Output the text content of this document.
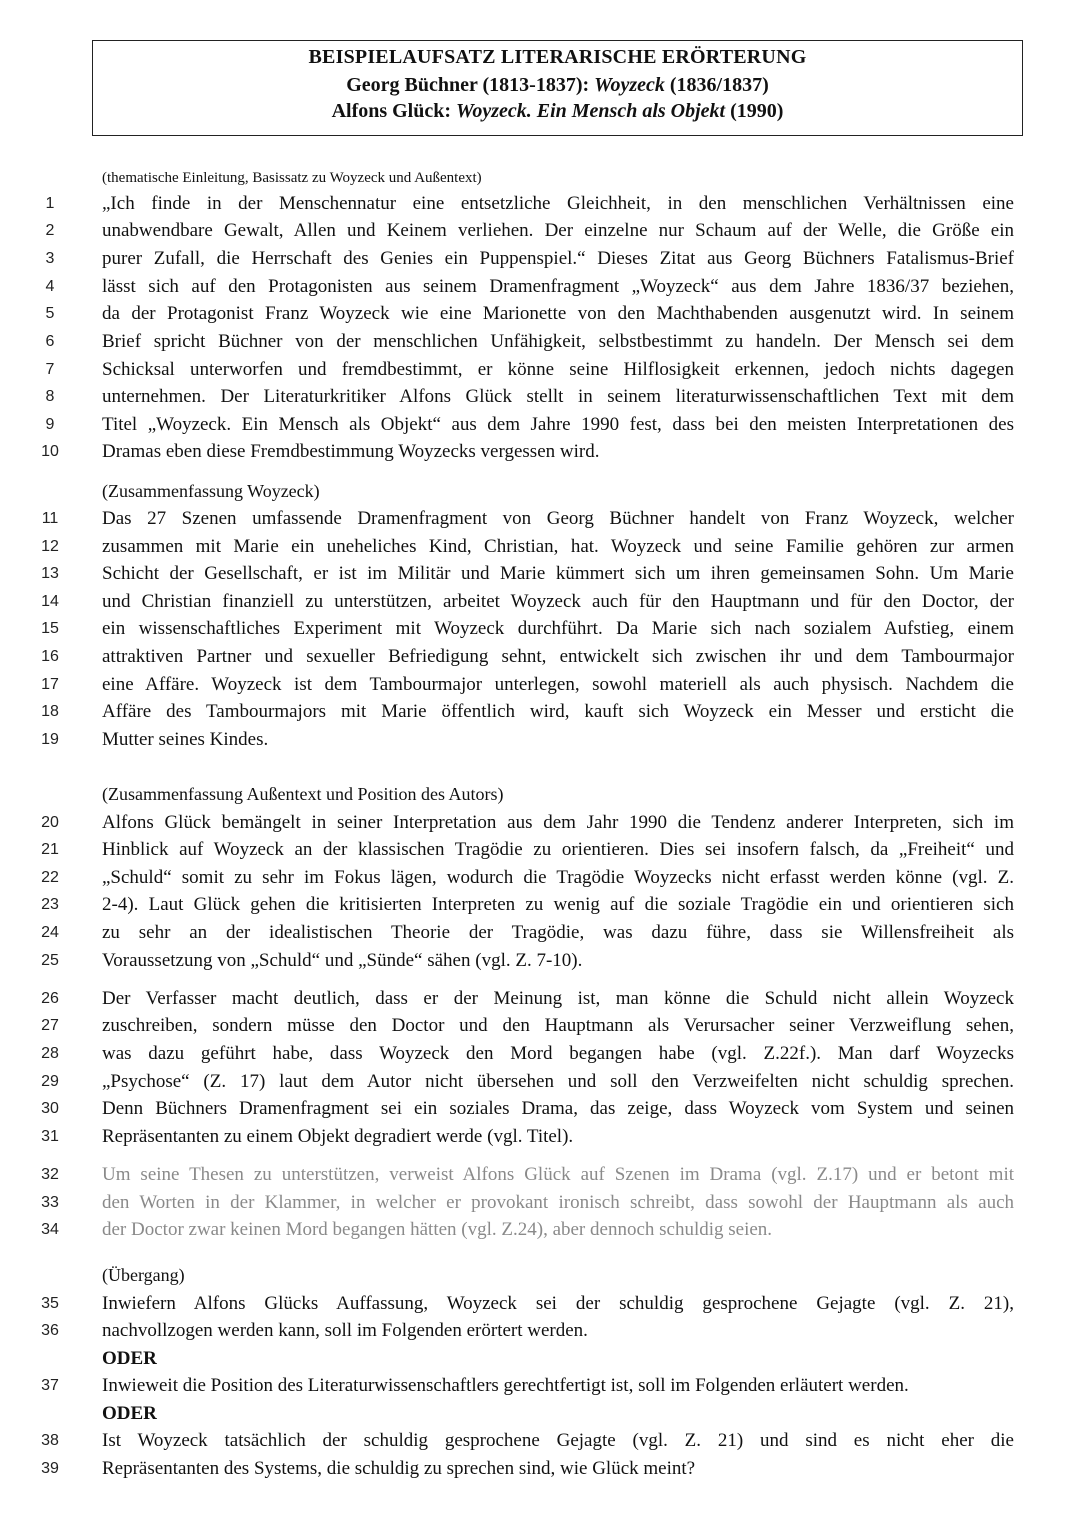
BEISPIELAUFSATZ LITERARISCHE ERÖRTERUNG
Georg Büchner (1813-1837): Woyzeck (1836/1837)
Alfons Glück: Woyzeck. Ein Mensch als Objekt (1990)
(thematische Einleitung, Basissatz zu Woyzeck und Außentext)
(Zusammenfassung Woyzeck)
(Zusammenfassung Außentext und Position des Autors)
(Übergang)
ODER
ODER
1	„Ich finde in der Menschennatur eine entsetzliche Gleichheit, in den menschlichen Verhältnissen eine
2	unabwendbare Gewalt, Allen und Keinem verliehen. Der einzelne nur Schaum auf der Welle, die Größe ein
3	purer Zufall, die Herrschaft des Genies ein Puppenspiel.“ Dieses Zitat aus Georg Büchners Fatalismus-Brief
4	lässt sich auf den Protagonisten aus seinem Dramenfragment „Woyzeck“ aus dem Jahre 1836/37 beziehen,
5	da der Protagonist Franz Woyzeck wie eine Marionette von den Machthabenden ausgenutzt wird. In seinem
6	Brief spricht Büchner von der menschlichen Unfähigkeit, selbstbestimmt zu handeln. Der Mensch sei dem
7	Schicksal unterworfen und fremdbestimmt, er könne seine Hilflosigkeit erkennen, jedoch nichts dagegen
8	unternehmen. Der Literaturkritiker Alfons Glück stellt in seinem literaturwissenschaftlichen Text mit dem
9	Titel „Woyzeck. Ein Mensch als Objekt“ aus dem Jahre 1990 fest, dass bei den meisten Interpretationen des
10	Dramas eben diese Fremdbestimmung Woyzecks vergessen wird.
11	Das 27 Szenen umfassende Dramenfragment von Georg Büchner handelt von Franz Woyzeck, welcher
12	zusammen mit Marie ein uneheliches Kind, Christian, hat. Woyzeck und seine Familie gehören zur armen
13	Schicht der Gesellschaft, er ist im Militär und Marie kümmert sich um ihren gemeinsamen Sohn. Um Marie
14	und Christian finanziell zu unterstützen, arbeitet Woyzeck auch für den Hauptmann und für den Doctor, der
15	ein wissenschaftliches Experiment mit Woyzeck durchführt. Da Marie sich nach sozialem Aufstieg, einem
16	attraktiven Partner und sexueller Befriedigung sehnt, entwickelt sich zwischen ihr und dem Tambourmajor
17	eine Affäre. Woyzeck ist dem Tambourmajor unterlegen, sowohl materiell als auch physisch. Nachdem die
18	Affäre des Tambourmajors mit Marie öffentlich wird, kauft sich Woyzeck ein Messer und ersticht die
19	Mutter seines Kindes.
20	Alfons Glück bemängelt in seiner Interpretation aus dem Jahr 1990 die Tendenz anderer Interpreten, sich im
21	Hinblick auf Woyzeck an der klassischen Tragödie zu orientieren. Dies sei insofern falsch, da „Freiheit“ und
22	„Schuld“ somit zu sehr im Fokus lägen, wodurch die Tragödie Woyzecks nicht erfasst werden könne (vgl. Z.
23	2-4). Laut Glück gehen die kritisierten Interpreten zu wenig auf die soziale Tragödie ein und orientieren sich
24	zu sehr an der idealistischen Theorie der Tragödie, was dazu führe, dass sie Willensfreiheit als
25	Voraussetzung von „Schuld“ und „Sünde“ sähen (vgl. Z. 7-10).
26	Der Verfasser macht deutlich, dass er der Meinung ist, man könne die Schuld nicht allein Woyzeck
27	zuschreiben, sondern müsse den Doctor und den Hauptmann als Verursacher seiner Verzweiflung sehen,
28	was dazu geführt habe, dass Woyzeck den Mord begangen habe (vgl. Z.22f.). Man darf Woyzecks
29	„Psychose“ (Z. 17) laut dem Autor nicht übersehen und soll den Verzweifelten nicht schuldig sprechen.
30	Denn Büchners Dramenfragment sei ein soziales Drama, das zeige, dass Woyzeck vom System und seinen
31	Repräsentanten zu einem Objekt degradiert werde (vgl. Titel).
32	Um seine Thesen zu unterstützen, verweist Alfons Glück auf Szenen im Drama (vgl. Z.17) und er betont mit
33	den Worten in der Klammer, in welcher er provokant ironisch schreibt, dass sowohl der Hauptmann als auch
34	der Doctor zwar keinen Mord begangen hätten (vgl. Z.24), aber dennoch schuldig seien.
35	Inwiefern Alfons Glücks Auffassung, Woyzeck sei der schuldig gesprochene Gejagte (vgl. Z. 21),
36	nachvollzogen werden kann, soll im Folgenden erörtert werden.
37	Inwieweit die Position des Literaturwissenschaftlers gerechtfertigt ist, soll im Folgenden erläutert werden.
38	Ist Woyzeck tatsächlich der schuldig gesprochene Gejagte (vgl. Z. 21) und sind es nicht eher die
39	Repräsentanten des Systems, die schuldig zu sprechen sind, wie Glück meint?
